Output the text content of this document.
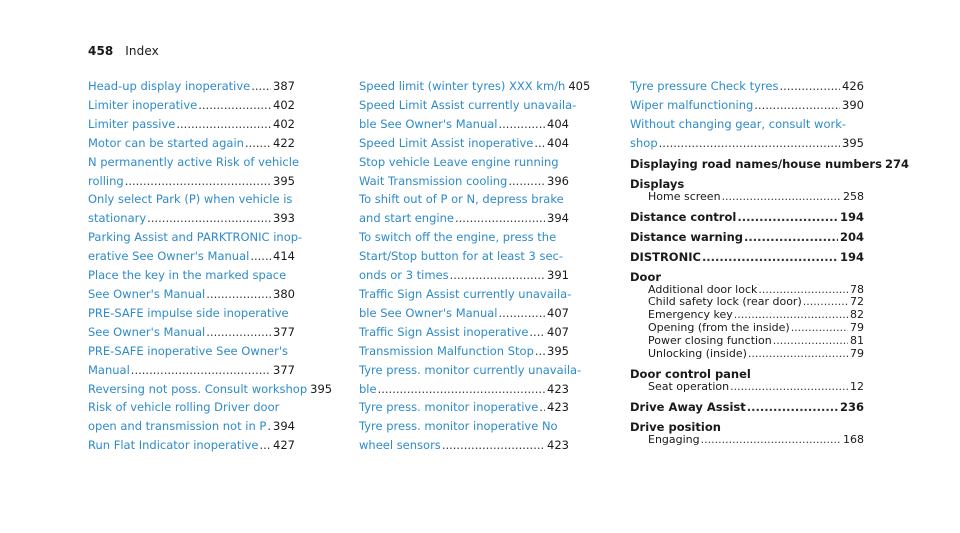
458 Index
Head-up display inoperative ..... 387
Limiter inoperative .....	402
Limiter passive .....	402
Motor can be started again .....	422
N permanently active Risk of vehicle
rolling .....	395
Only select Park (P) when vehicle is
stationary .....	393
Parking Assist and PARKTRONIC inop-
erative See Owner's Manual ..... 414
Place the key in the marked space
See Owner's Manual .....	380
PRE-SAFE impulse side inoperative
See Owner's Manual .....	377
PRE-SAFE inoperative See Owner's
Manual .....	377
Reversing not poss. Consult workshop 395
Risk of vehicle rolling Driver door
open and transmission not in P ..... 394
Run Flat Indicator inoperative ..... 427
Speed limit (winter tyres) XXX km/h 405
Speed Limit Assist currently unavaila-
ble See Owner's Manual .....	404
Speed Limit Assist inoperative ..... 404
Stop vehicle Leave engine running
Wait Transmission cooling .....	396
To shift out of P or N, depress brake
and start engine .....	394
To switch off the engine, press the
Start/Stop button for at least 3 sec-
onds or 3 times .....	391
Traffic Sign Assist currently unavaila-
ble See Owner's Manual .....	407
Traffic Sign Assist inoperative ..... 407
Transmission Malfunction Stop ..... 395
Tyre press. monitor currently unavaila-
ble .....	423
Tyre press. monitor inoperative ..... 423
Tyre press. monitor inoperative No
wheel sensors .....	423
Tyre pressure Check tyres .....	426
Wiper malfunctioning .....	390
Without changing gear, consult work-
shop .....	395
Displaying road names/house numbers 274
Displays
Home screen .....	258
Distance control .....	194
Distance warning .....	204
DISTRONIC .....	194
Door
Additional door lock .....	78
Child safety lock (rear door) .....	72
Emergency key .....	82
Opening (from the inside) .....	79
Power closing function .....	81
Unlocking (inside) .....	79
Door control panel
Seat operation .....	12
Drive Away Assist .....	236
Drive position
Engaging .....	168
